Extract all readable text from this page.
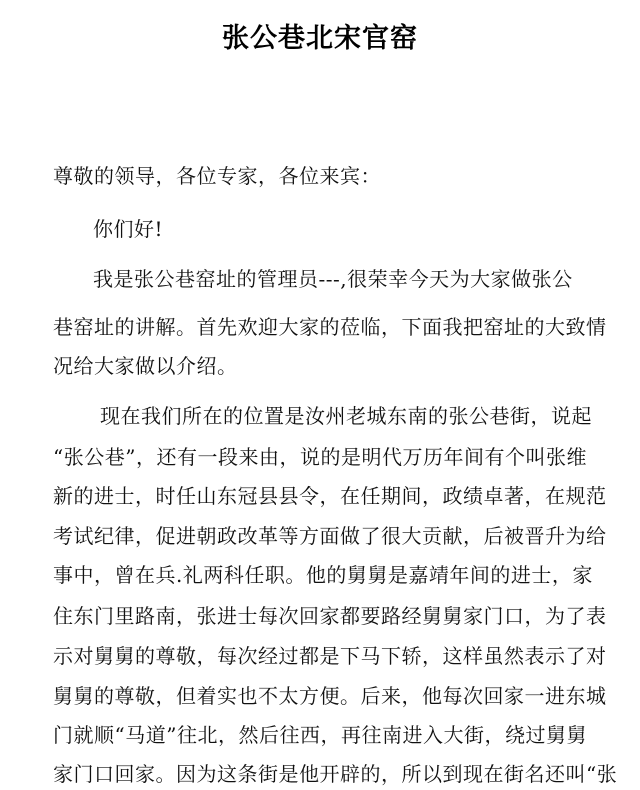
张公巷北宋官窑
尊敬的领导，各位专家，各位来宾：
你们好!
我是张公巷窑址的管理员---,很荣幸今天为大家做张公
巷窑址的讲解。首先欢迎大家的莅临，下面我把窑址的大致情
况给大家做以介绍。
现在我们所在的位置是汝州老城东南的张公巷街，说起
“张公巷”，还有一段来由，说的是明代万历年间有个叫张维
新的进士，时任山东冠县县令，在任期间，政绩卓著，在规范
考试纪律，促进朝政改革等方面做了很大贡献，后被晋升为给
事中，曾在兵.礼两科任职。他的舅舅是嘉靖年间的进士，家
住东门里路南，张进士每次回家都要路经舅舅家门口，为了表
示对舅舅的尊敬，每次经过都是下马下轿，这样虽然表示了对
舅舅的尊敬，但着实也不太方便。后来，他每次回家一进东城
门就顺“马道”往北，然后往西，再往南进入大街，绕过舅舅
家门口回家。因为这条街是他开辟的，所以到现在街名还叫“张
